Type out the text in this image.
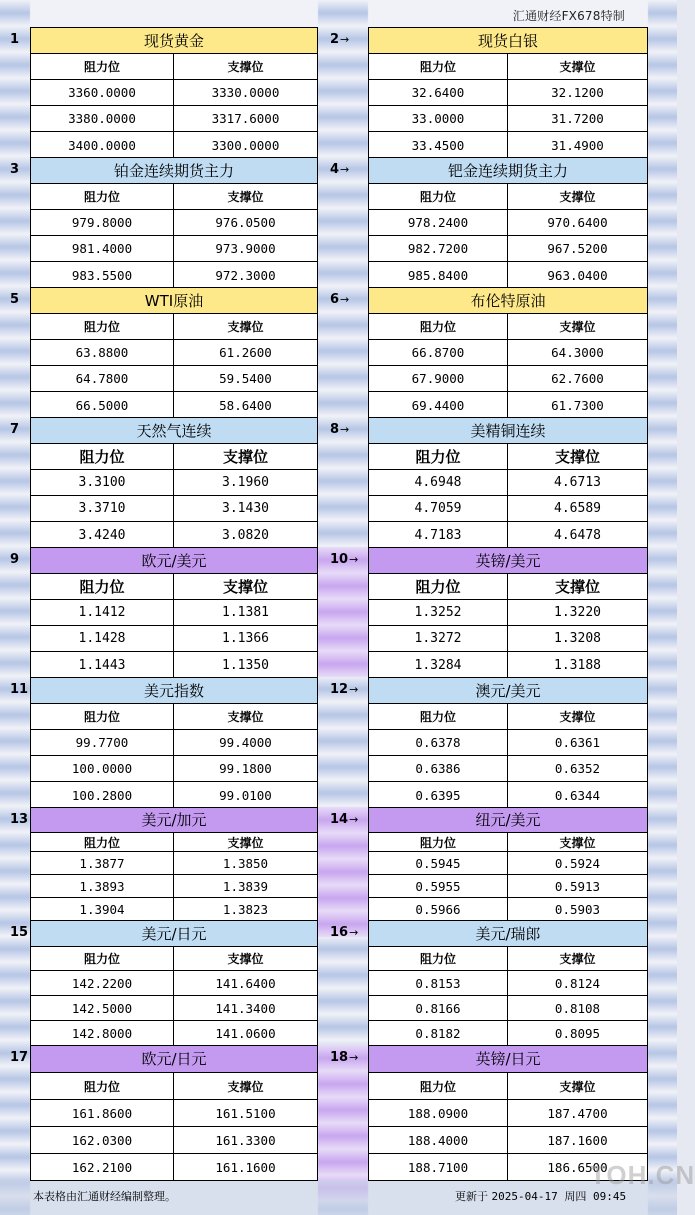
汇通财经FX678特制
1	现货黄金
阻力位	支撑位
3360.0000	3330.0000
3380.0000	3317.6000
3400.0000	3300.0000
2→	现货白银
阻力位	支撑位
32.6400	32.1200
33.0000	31.7200
33.4500	31.4900
3	铂金连续期货主力
阻力位	支撑位
979.8000	976.0500
981.4000	973.9000
983.5500	972.3000
4→	钯金连续期货主力
阻力位	支撑位
978.2400	970.6400
982.7200	967.5200
985.8400	963.0400
5	WTI原油
阻力位	支撑位
63.8800	61.2600
64.7800	59.5400
66.5000	58.6400
6→	布伦特原油
阻力位	支撑位
66.8700	64.3000
67.9000	62.7600
69.4400	61.7300
7	天然气连续
阻力位	支撑位
3.3100	3.1960
3.3710	3.1430
3.4240	3.0820
8→	美精铜连续
阻力位	支撑位
4.6948	4.6713
4.7059	4.6589
4.7183	4.6478
9	欧元/美元
阻力位	支撑位
1.1412	1.1381
1.1428	1.1366
1.1443	1.1350
10→	英镑/美元
阻力位	支撑位
1.3252	1.3220
1.3272	1.3208
1.3284	1.3188
11	美元指数
阻力位	支撑位
99.7700	99.4000
100.0000	99.1800
100.2800	99.0100
12→	澳元/美元
阻力位	支撑位
0.6378	0.6361
0.6386	0.6352
0.6395	0.6344
13	美元/加元
阻力位	支撑位
1.3877	1.3850
1.3893	1.3839
1.3904	1.3823
14→	纽元/美元
阻力位	支撑位
0.5945	0.5924
0.5955	0.5913
0.5966	0.5903
15	美元/日元
阻力位	支撑位
142.2200	141.6400
142.5000	141.3400
142.8000	141.0600
16→	美元/瑞郎
阻力位	支撑位
0.8153	0.8124
0.8166	0.8108
0.8182	0.8095
17	欧元/日元
阻力位	支撑位
161.8600	161.5100
162.0300	161.3300
162.2100	161.1600
18→	英镑/日元
阻力位	支撑位
188.0900	187.4700
188.4000	187.1600
188.7100	186.6500
本表格由汇通财经编制整理。	更新于 2025-04-17 周四 09:45
TOH.CN
